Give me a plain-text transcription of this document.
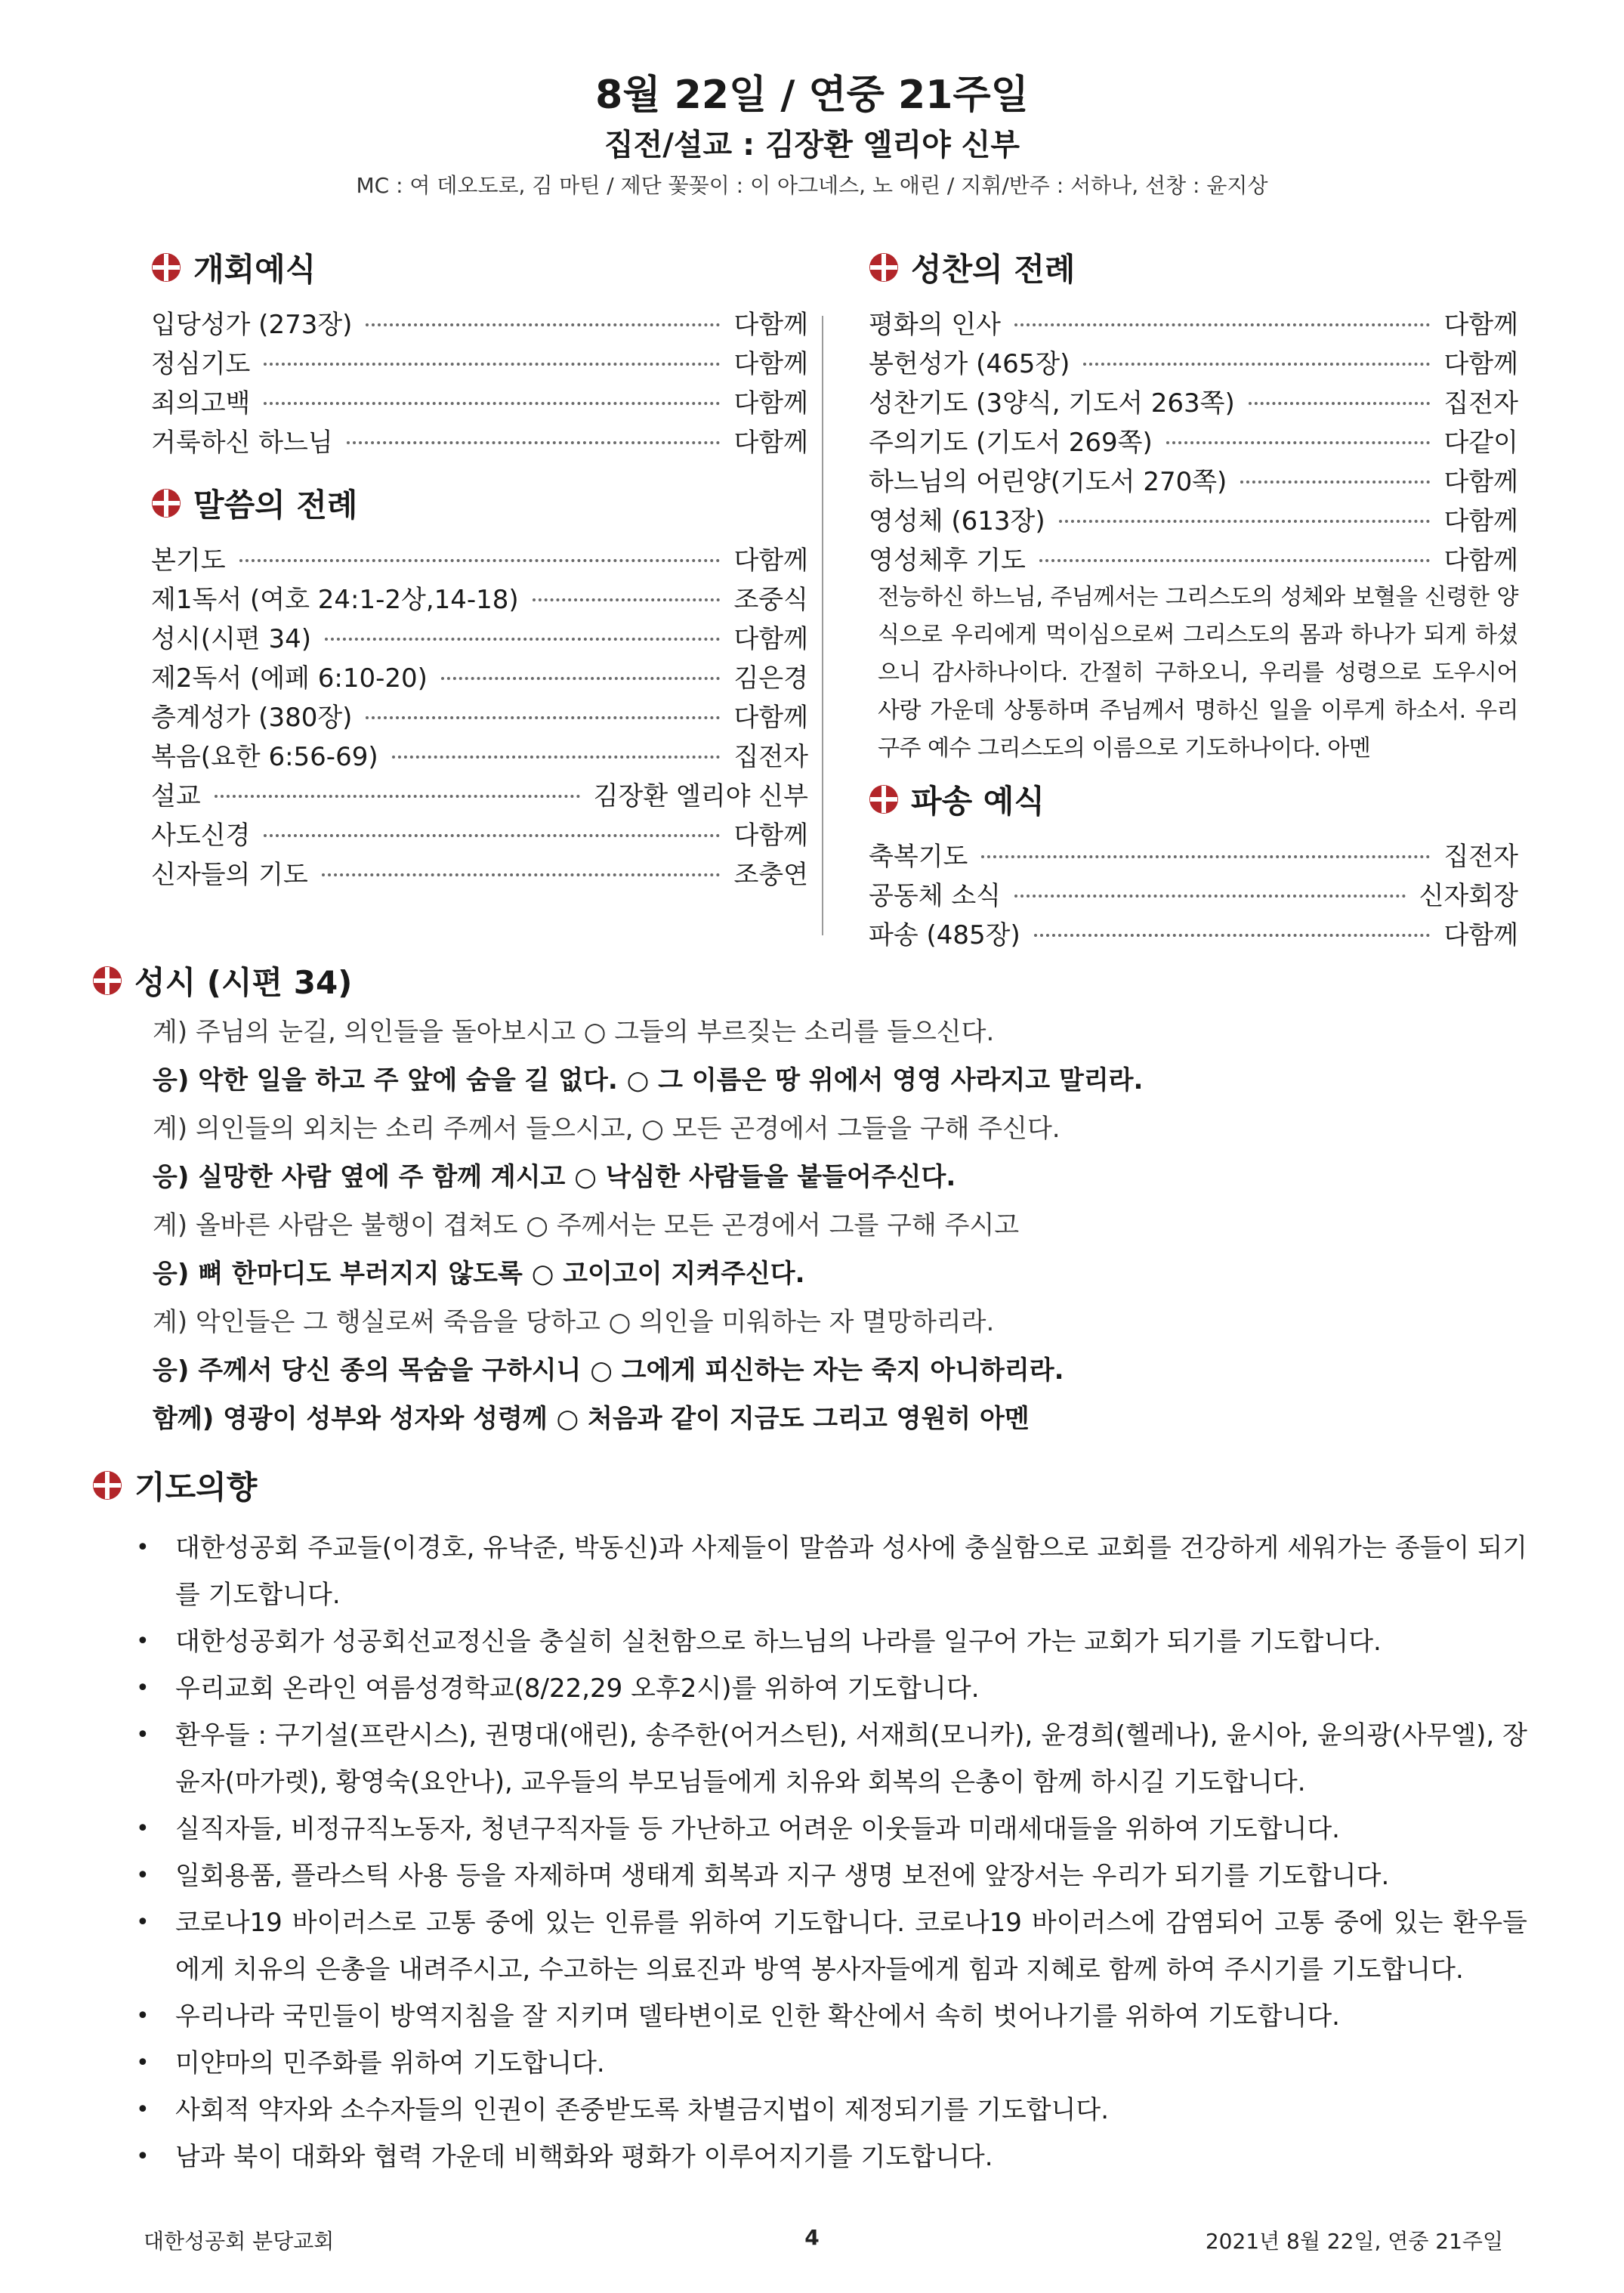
8월 22일 / 연중 21주일
집전/설교 : 김장환 엘리야 신부
MC : 여 데오도로, 김 마틴 / 제단 꽃꽂이 : 이 아그네스, 노 애린 / 지휘/반주 : 서하나, 선창 : 윤지상
개회예식
입당성가 (273장)	다함께
정심기도	다함께
죄의고백	다함께
거룩하신 하느님	다함께
말씀의 전례
본기도	다함께
제1독서 (여호 24:1-2상,14-18)	조중식
성시(시편 34)	다함께
제2독서 (에페 6:10-20)	김은경
층계성가 (380장)	다함께
복음(요한 6:56-69)	집전자
설교	김장환 엘리야 신부
사도신경	다함께
신자들의 기도	조충연
성찬의 전례
평화의 인사	다함께
봉헌성가 (465장)	다함께
성찬기도 (3양식, 기도서 263쪽)	집전자
주의기도 (기도서 269쪽)	다같이
하느님의 어린양(기도서 270쪽)	다함께
영성체 (613장)	다함께
영성체후 기도	다함께
전능하신 하느님, 주님께서는 그리스도의 성체와 보혈을 신령한 양식으로 우리에게 먹이심으로써 그리스도의 몸과 하나가 되게 하셨으니 감사하나이다. 간절히 구하오니, 우리를 성령으로 도우시어 사랑 가운데 상통하며 주님께서 명하신 일을 이루게 하소서. 우리 구주 예수 그리스도의 이름으로 기도하나이다. 아멘
파송 예식
축복기도	집전자
공동체 소식	신자회장
파송 (485장)	다함께
성시 (시편 34)
계) 주님의 눈길, 의인들을 돌아보시고 ○ 그들의 부르짖는 소리를 들으신다.
응) 악한 일을 하고 주 앞에 숨을 길 없다. ○ 그 이름은 땅 위에서 영영 사라지고 말리라.
계) 의인들의 외치는 소리 주께서 들으시고, ○ 모든 곤경에서 그들을 구해 주신다.
응) 실망한 사람 옆에 주 함께 계시고 ○ 낙심한 사람들을 붙들어주신다.
계) 올바른 사람은 불행이 겹쳐도 ○ 주께서는 모든 곤경에서 그를 구해 주시고
응) 뼈 한마디도 부러지지 않도록 ○ 고이고이 지켜주신다.
계) 악인들은 그 행실로써 죽음을 당하고 ○ 의인을 미워하는 자 멸망하리라.
응) 주께서 당신 종의 목숨을 구하시니 ○ 그에게 피신하는 자는 죽지 아니하리라.
함께) 영광이 성부와 성자와 성령께 ○ 처음과 같이 지금도 그리고 영원히 아멘
기도의향
• 대한성공회 주교들(이경호, 유낙준, 박동신)과 사제들이 말씀과 성사에 충실함으로 교회를 건강하게 세워가는 종들이 되기를 기도합니다.
• 대한성공회가 성공회선교정신을 충실히 실천함으로 하느님의 나라를 일구어 가는 교회가 되기를 기도합니다.
• 우리교회 온라인 여름성경학교(8/22,29 오후2시)를 위하여 기도합니다.
• 환우들 : 구기설(프란시스), 권명대(애린), 송주한(어거스틴), 서재희(모니카), 윤경희(헬레나), 윤시아, 윤의광(사무엘), 장윤자(마가렛), 황영숙(요안나), 교우들의 부모님들에게 치유와 회복의 은총이 함께 하시길 기도합니다.
• 실직자들, 비정규직노동자, 청년구직자들 등 가난하고 어려운 이웃들과 미래세대들을 위하여 기도합니다.
• 일회용품, 플라스틱 사용 등을 자제하며 생태계 회복과 지구 생명 보전에 앞장서는 우리가 되기를 기도합니다.
• 코로나19 바이러스로 고통 중에 있는 인류를 위하여 기도합니다. 코로나19 바이러스에 감염되어 고통 중에 있는 환우들에게 치유의 은총을 내려주시고, 수고하는 의료진과 방역 봉사자들에게 힘과 지혜로 함께 하여 주시기를 기도합니다.
• 우리나라 국민들이 방역지침을 잘 지키며 델타변이로 인한 확산에서 속히 벗어나기를 위하여 기도합니다.
• 미얀마의 민주화를 위하여 기도합니다.
• 사회적 약자와 소수자들의 인권이 존중받도록 차별금지법이 제정되기를 기도합니다.
• 남과 북이 대화와 협력 가운데 비핵화와 평화가 이루어지기를 기도합니다.
대한성공회 분당교회	4	2021년 8월 22일, 연중 21주일
